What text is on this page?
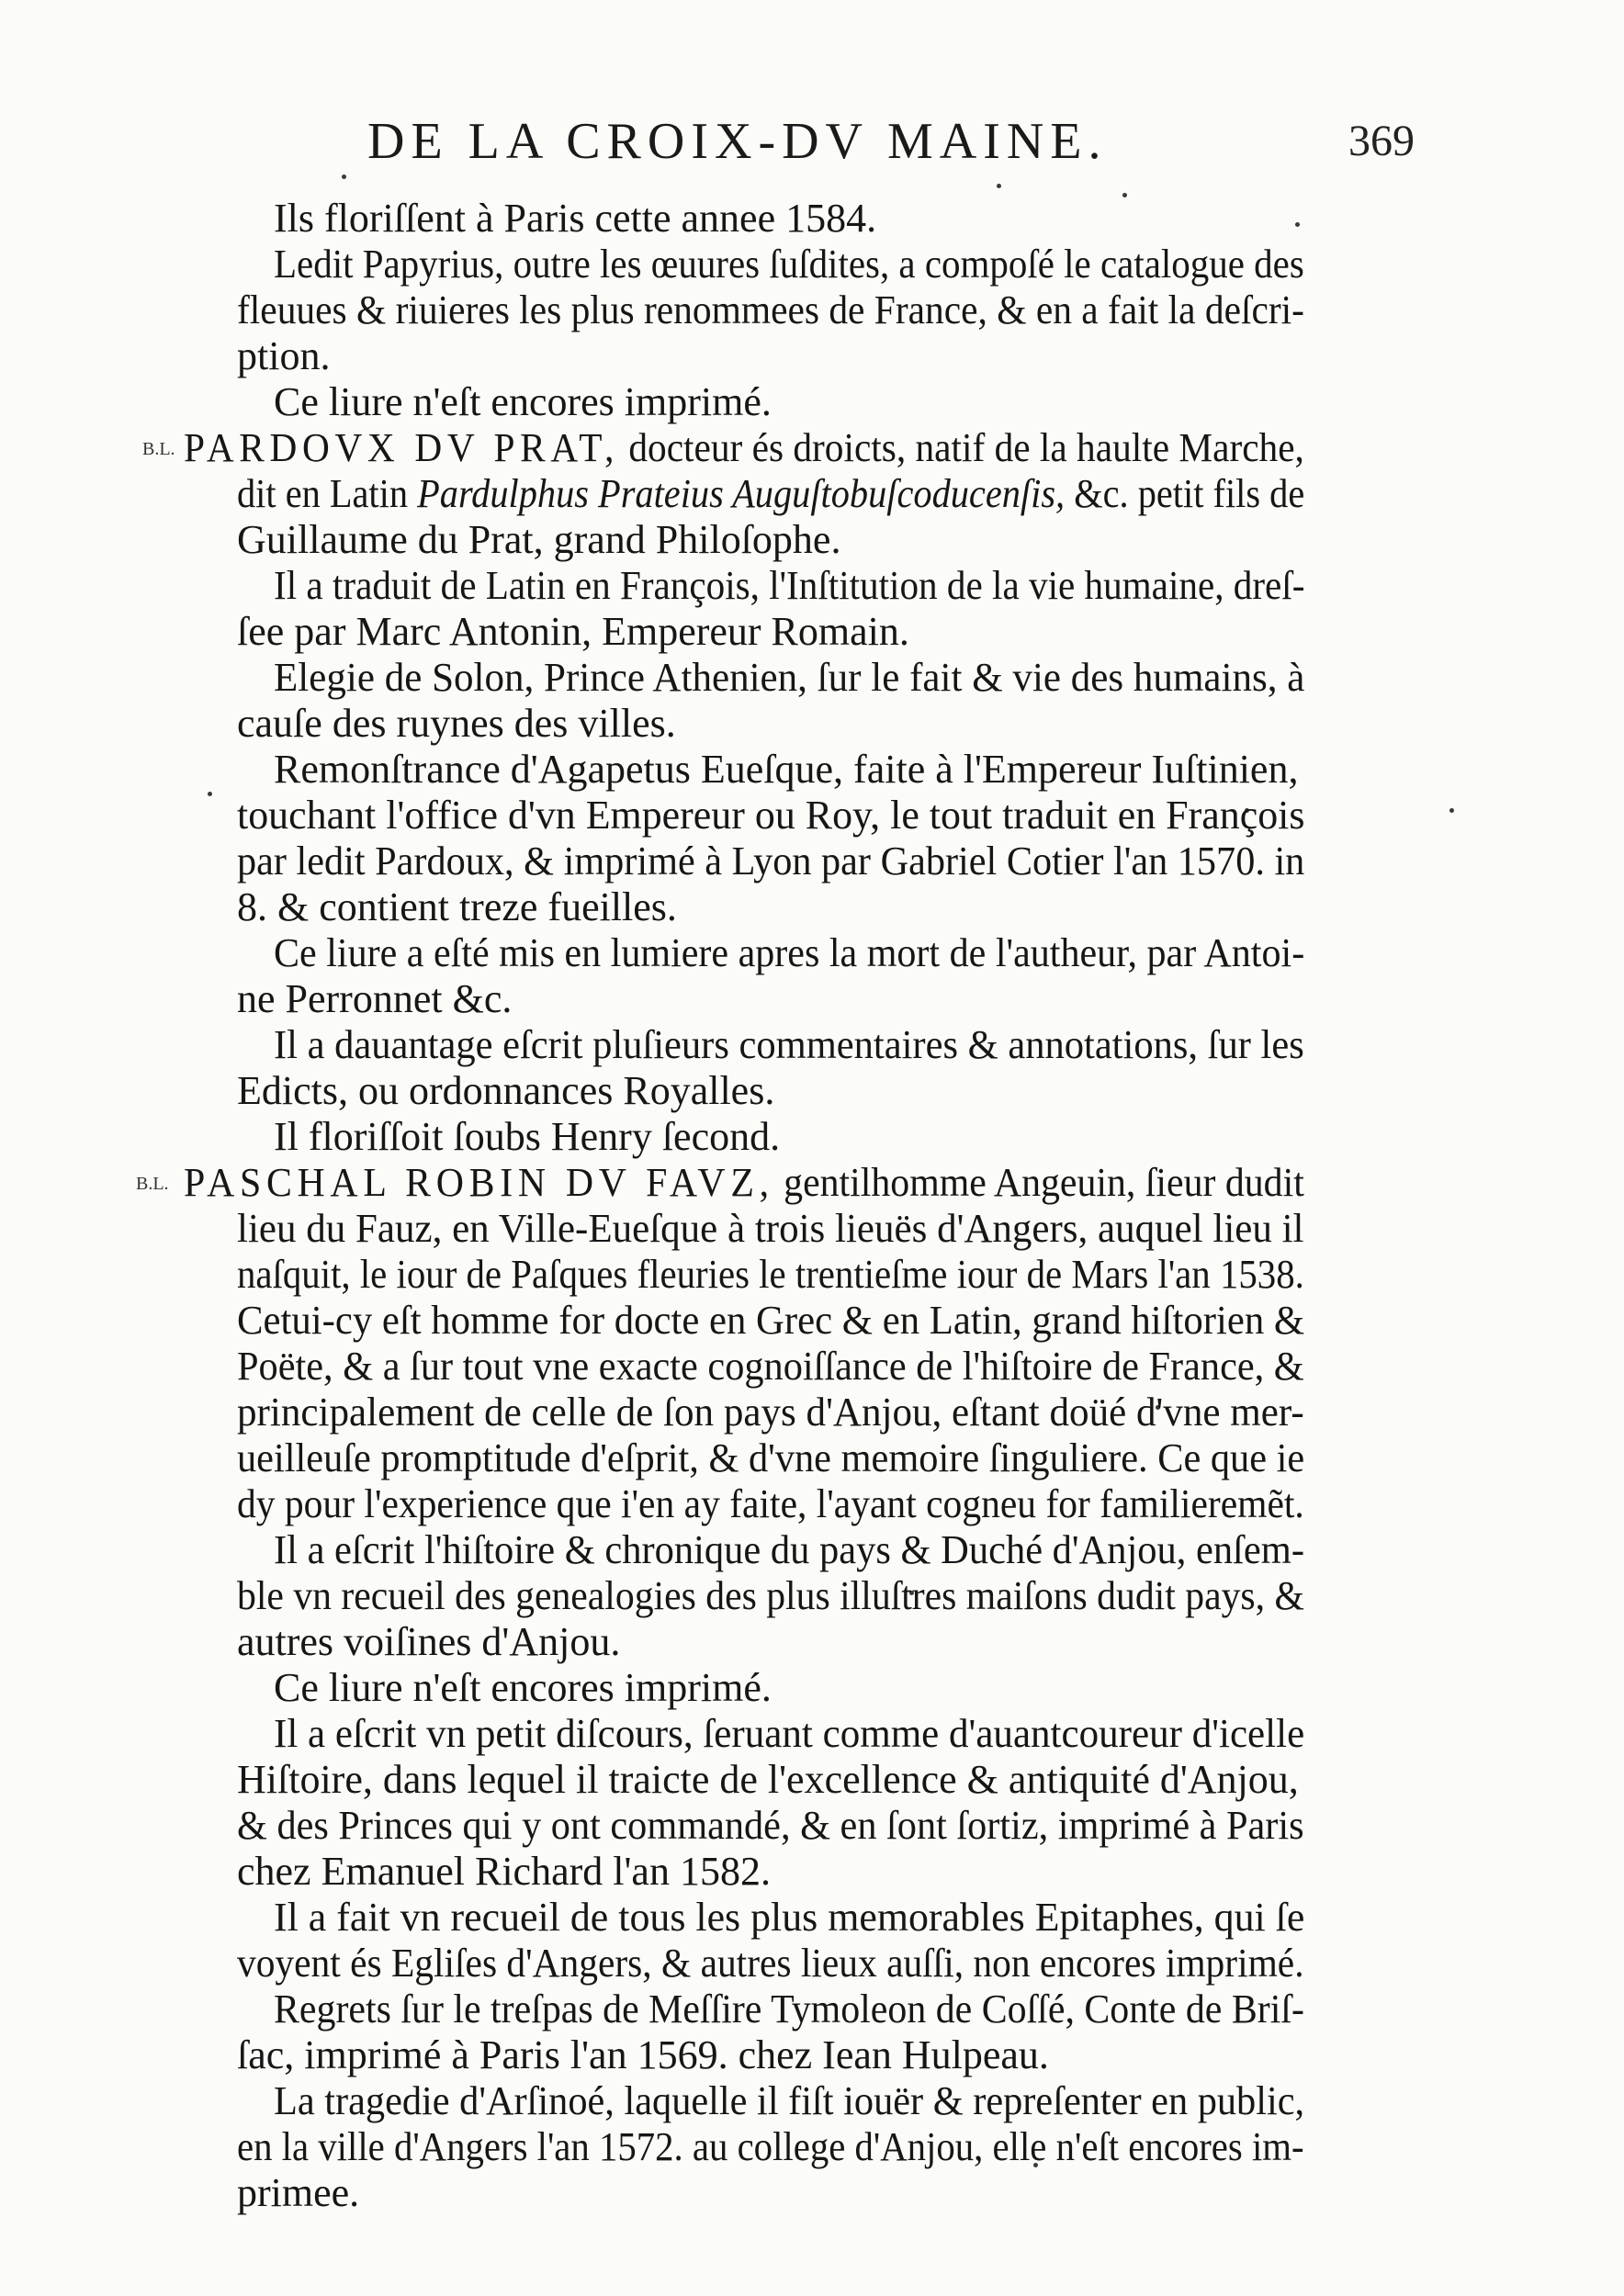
DE LA CROIX-DV MAINE.	369
Ils floriſſent à Paris cette annee 1584.
Ledit Papyrius, outre les œuures ſuſdites, a compoſé le catalogue des
fleuues & riuieres les plus renommees de France, & en a fait la deſcri-
ption.
Ce liure n'eſt encores imprimé.
B.L. PARDOVX DV PRAT, docteur és droicts, natif de la haulte Marche,
dit en Latin Pardulphus Prateius Auguſtobuſcoducenſis, &c. petit fils de
Guillaume du Prat, grand Philoſophe.
Il a traduit de Latin en François, l'Inſtitution de la vie humaine, dreſ-
ſee par Marc Antonin, Empereur Romain.
Elegie de Solon, Prince Athenien, ſur le fait & vie des humains, à
cauſe des ruynes des villes.
Remonſtrance d'Agapetus Eueſque, faite à l'Empereur Iuſtinien,
touchant l'office d'vn Empereur ou Roy, le tout traduit en François
par ledit Pardoux, & imprimé à Lyon par Gabriel Cotier l'an 1570. in
8. & contient treze fueilles.
Ce liure a eſté mis en lumiere apres la mort de l'autheur, par Antoi-
ne Perronnet &c.
Il a dauantage eſcrit pluſieurs commentaires & annotations, ſur les
Edicts, ou ordonnances Royalles.
Il floriſſoit ſoubs Henry ſecond.
B.L. PASCHAL ROBIN DV FAVZ, gentilhomme Angeuin, ſieur dudit
lieu du Fauz, en Ville-Eueſque à trois lieuës d'Angers, auquel lieu il
naſquit, le iour de Paſques fleuries le trentieſme iour de Mars l'an 1538.
Cetui-cy eſt homme for docte en Grec & en Latin, grand hiſtorien &
Poëte, & a ſur tout vne exacte cognoiſſance de l'hiſtoire de France, &
principalement de celle de ſon pays d'Anjou, eſtant doüé d'vne mer-
ueilleuſe promptitude d'eſprit, & d'vne memoire ſinguliere. Ce que ie
dy pour l'experience que i'en ay faite, l'ayant cogneu for familieremẽt.
Il a eſcrit l'hiſtoire & chronique du pays & Duché d'Anjou, enſem-
ble vn recueil des genealogies des plus illuſtres maiſons dudit pays, &
autres voiſines d'Anjou.
Ce liure n'eſt encores imprimé.
Il a eſcrit vn petit diſcours, ſeruant comme d'auantcoureur d'icelle
Hiſtoire, dans lequel il traicte de l'excellence & antiquité d'Anjou,
& des Princes qui y ont commandé, & en ſont ſortiz, imprimé à Paris
chez Emanuel Richard l'an 1582.
Il a fait vn recueil de tous les plus memorables Epitaphes, qui ſe
voyent és Egliſes d'Angers, & autres lieux auſſi, non encores imprimé.
Regrets ſur le treſpas de Meſſire Tymoleon de Coſſé, Conte de Briſ-
ſac, imprimé à Paris l'an 1569. chez Iean Hulpeau.
La tragedie d'Arſinoé, laquelle il fiſt iouër & repreſenter en public,
en la ville d'Angers l'an 1572. au college d'Anjou, elle n'eſt encores im-
primee.
